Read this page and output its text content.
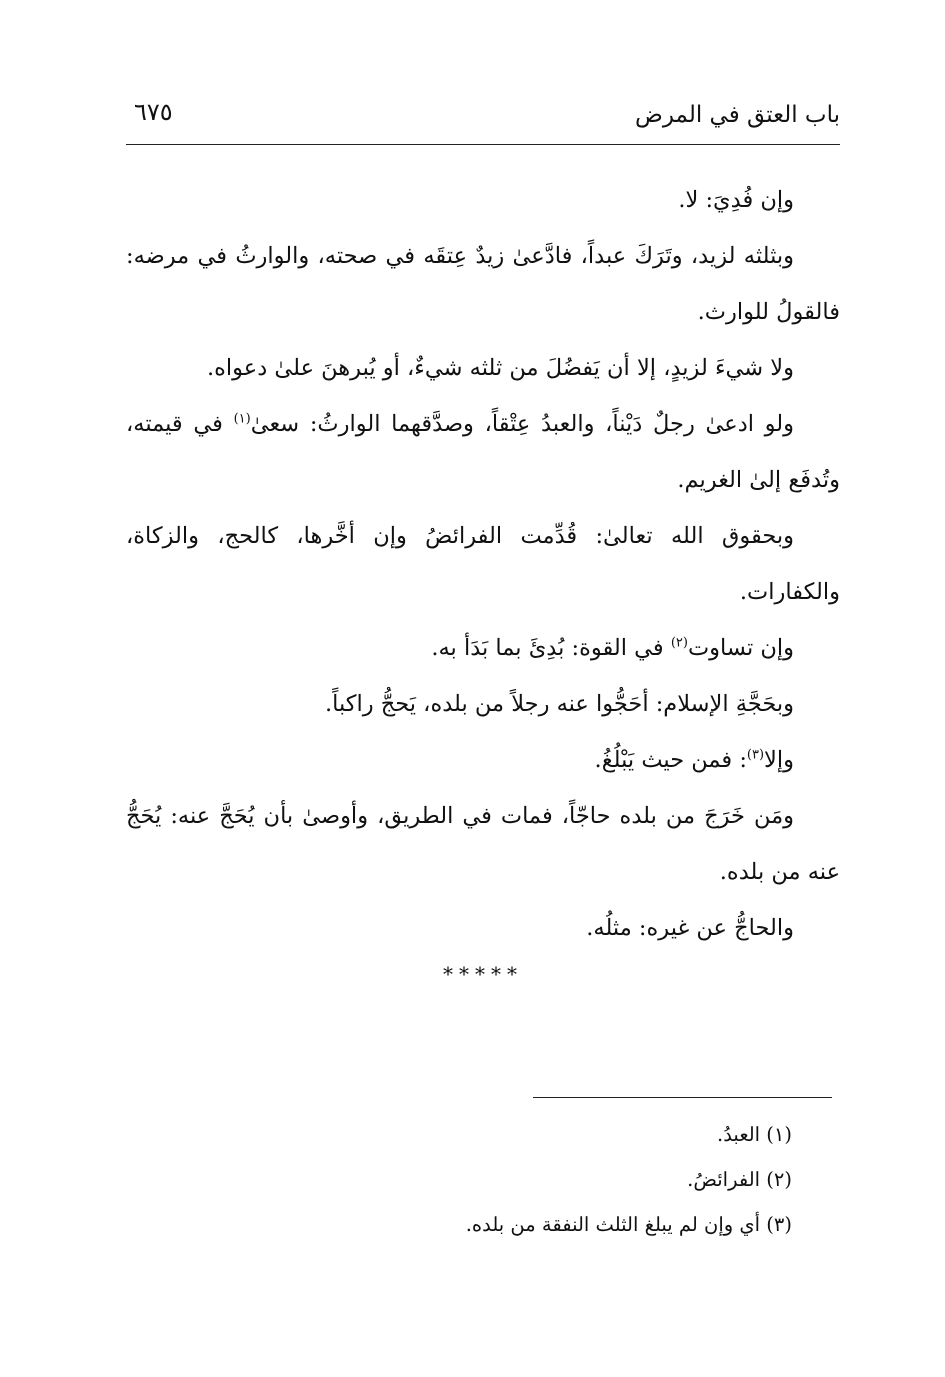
باب العتق في المرض
٦٧٥

وإن فُدِيَ: لا.

وبثلثه لزيد، وتَرَكَ عبداً، فادَّعىٰ زيدٌ عِتقَه في صحته، والوارثُ في مرضه: فالقولُ للوارث.

ولا شيءَ لزيدٍ، إلا أن يَفضُلَ من ثلثه شيءٌ، أو يُبرهنَ علىٰ دعواه.

ولو ادعىٰ رجلٌ دَيْناً، والعبدُ عِتْقاً، وصدَّقهما الوارثُ: سعىٰ$^{(١)}$ في قيمته، وتُدفَع إلىٰ الغريم.

وبحقوق الله تعالىٰ: قُدِّمت الفرائضُ وإن أخَّرها، كالحج، والزكاة، والكفارات.

وإن تساوت$^{(٢)}$ في القوة: بُدِئَ بما بَدَأ به.

وبحَجَّةِ الإسلام: أحَجُّوا عنه رجلاً من بلده، يَحجُّ راكباً.

وإلا$^{(٣)}$: فمن حيث يَبْلُغُ.

ومَن خَرَجَ من بلده حاجّاً، فمات في الطريق، وأوصىٰ بأن يُحَجَّ عنه: يُحَجُّ عنه من بلده.

والحاجُّ عن غيره: مثلُه.

*****

(١) العبدُ.

(٢) الفرائضُ.

(٣) أي وإن لم يبلغ الثلث النفقة من بلده.
